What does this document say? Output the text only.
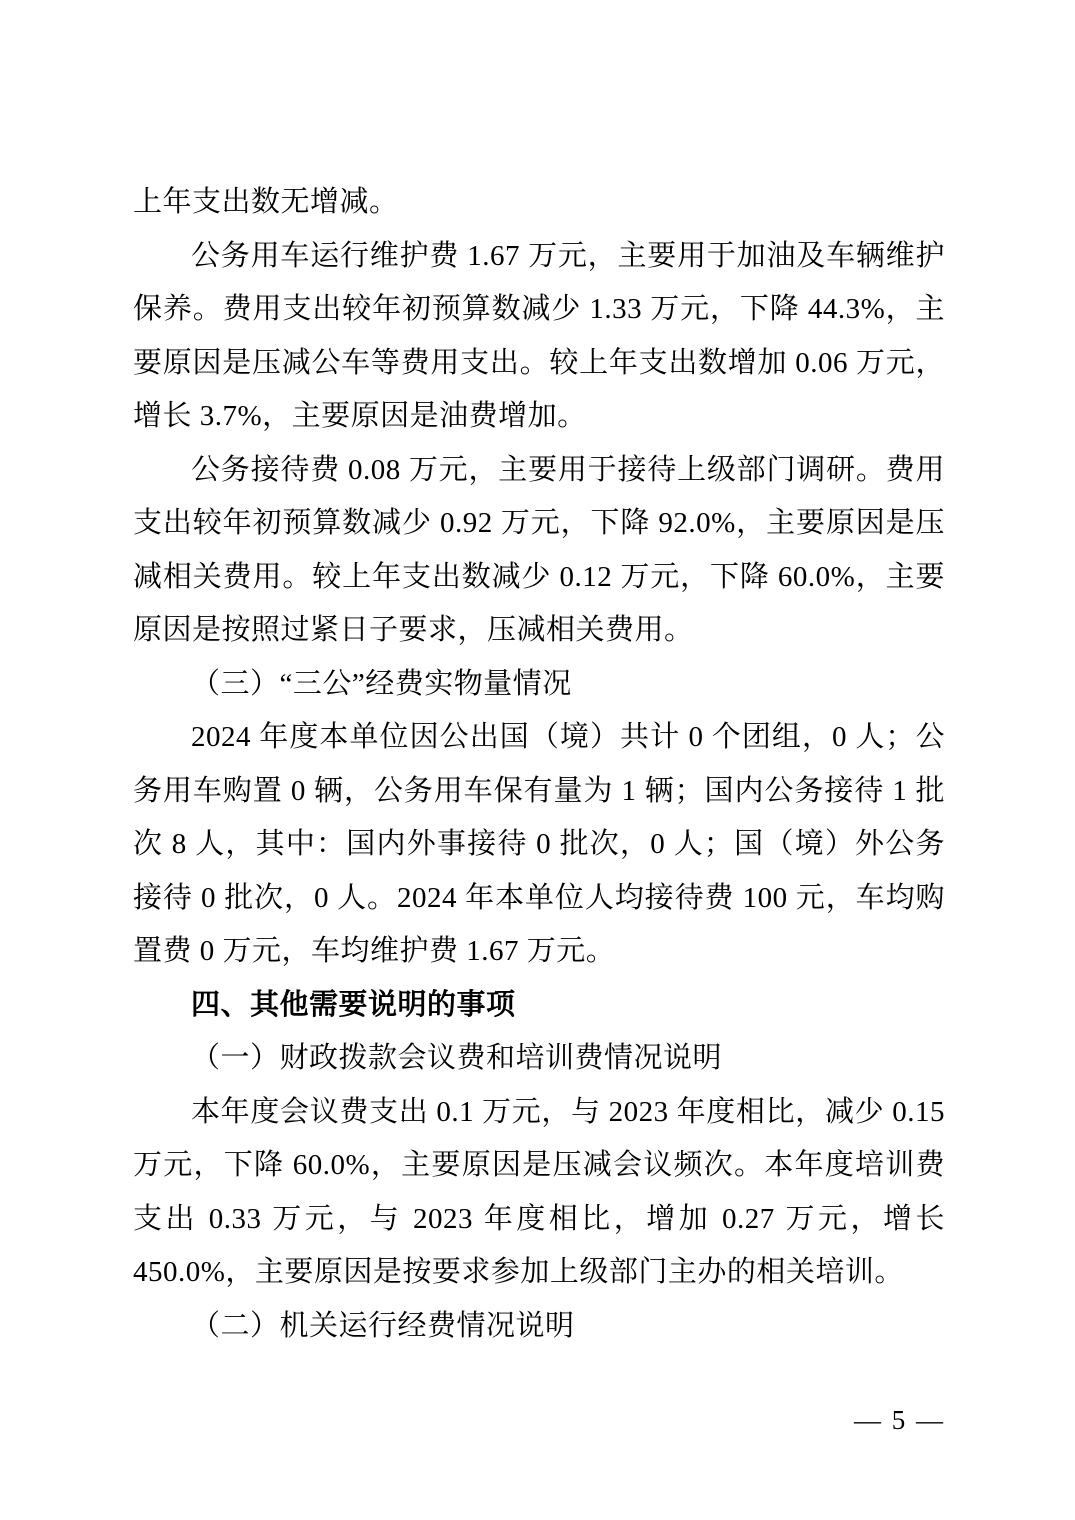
上年支出数无增减。

公务用车运行维护费 1.67 万元，主要用于加油及车辆维护保养。费用支出较年初预算数减少 1.33 万元，下降 44.3%，主要原因是压减公车等费用支出。较上年支出数增加 0.06 万元，增长 3.7%，主要原因是油费增加。

公务接待费 0.08 万元，主要用于接待上级部门调研。费用支出较年初预算数减少 0.92 万元，下降 92.0%，主要原因是压减相关费用。较上年支出数减少 0.12 万元，下降 60.0%，主要原因是按照过紧日子要求，压减相关费用。

（三）“三公”经费实物量情况

2024 年度本单位因公出国（境）共计 0 个团组，0 人；公务用车购置 0 辆，公务用车保有量为 1 辆；国内公务接待 1 批次 8 人，其中：国内外事接待 0 批次，0 人；国（境）外公务接待 0 批次，0 人。2024 年本单位人均接待费 100 元，车均购置费 0 万元，车均维护费 1.67 万元。

四、其他需要说明的事项

（一）财政拨款会议费和培训费情况说明

本年度会议费支出 0.1 万元，与 2023 年度相比，减少 0.15 万元，下降 60.0%，主要原因是压减会议频次。本年度培训费支出 0.33 万元，与 2023 年度相比，增加 0.27 万元，增长 450.0%，主要原因是按要求参加上级部门主办的相关培训。

（二）机关运行经费情况说明

— 5 —
